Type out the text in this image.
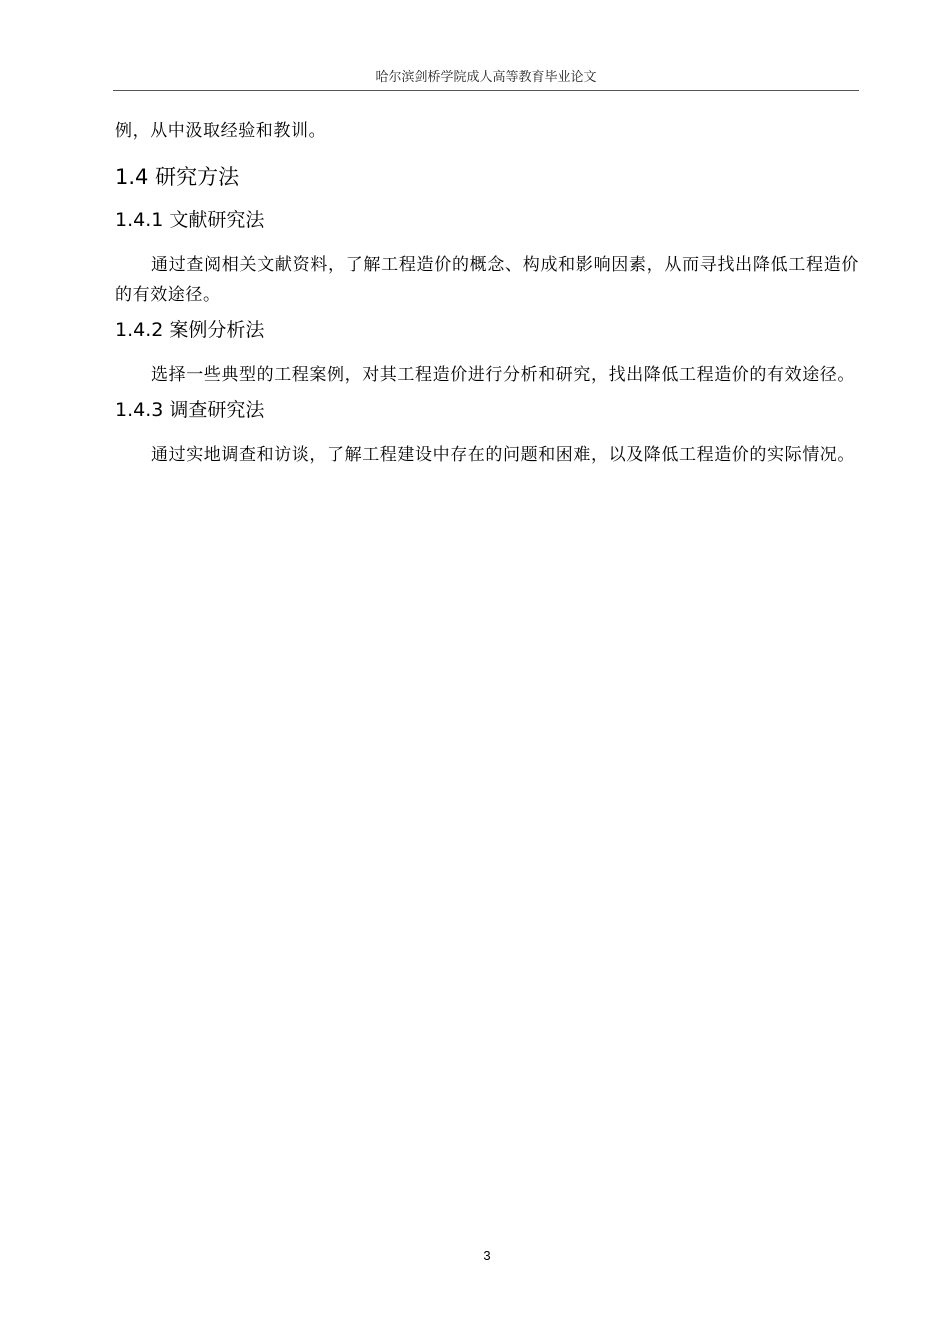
哈尔滨剑桥学院成人高等教育毕业论文

例，从中汲取经验和教训。

1.4 研究方法
1.4.1 文献研究法

通过查阅相关文献资料，了解工程造价的概念、构成和影响因素，从而寻找出降低工程造价的有效途径。

1.4.2 案例分析法

选择一些典型的工程案例，对其工程造价进行分析和研究，找出降低工程造价的有效途径。

1.4.3 调查研究法

通过实地调查和访谈，了解工程建设中存在的问题和困难，以及降低工程造价的实际情况。

3
